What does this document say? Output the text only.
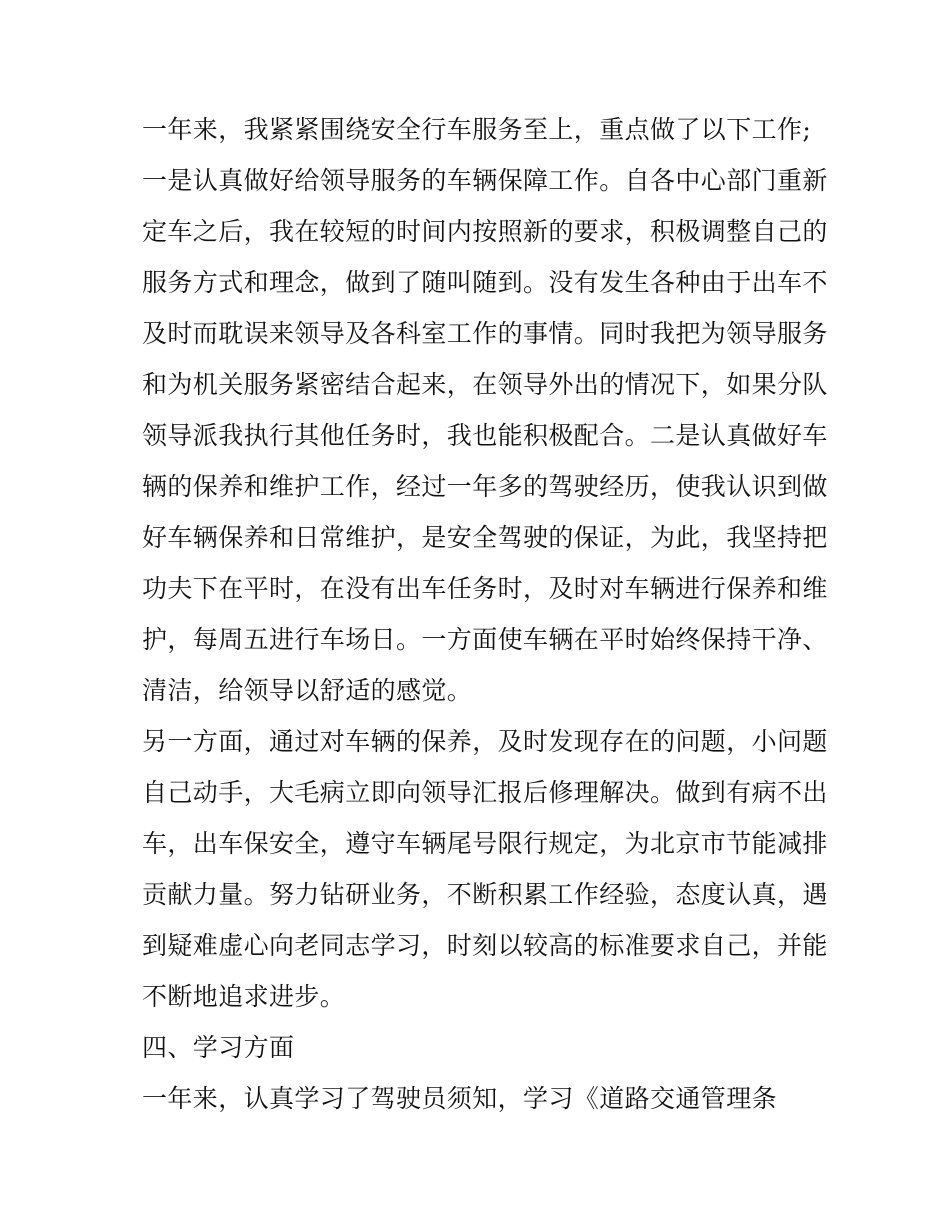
一年来，我紧紧围绕安全行车服务至上，重点做了以下工作;
一是认真做好给领导服务的车辆保障工作。自各中心部门重新
定车之后，我在较短的时间内按照新的要求，积极调整自己的
服务方式和理念，做到了随叫随到。没有发生各种由于出车不
及时而耽误来领导及各科室工作的事情。同时我把为领导服务
和为机关服务紧密结合起来，在领导外出的情况下，如果分队
领导派我执行其他任务时，我也能积极配合。二是认真做好车
辆的保养和维护工作，经过一年多的驾驶经历，使我认识到做
好车辆保养和日常维护，是安全驾驶的保证，为此，我坚持把
功夫下在平时，在没有出车任务时，及时对车辆进行保养和维
护，每周五进行车场日。一方面使车辆在平时始终保持干净、
清洁，给领导以舒适的感觉。
另一方面，通过对车辆的保养，及时发现存在的问题，小问题
自己动手，大毛病立即向领导汇报后修理解决。做到有病不出
车，出车保安全，遵守车辆尾号限行规定，为北京市节能减排
贡献力量。努力钻研业务，不断积累工作经验，态度认真，遇
到疑难虚心向老同志学习，时刻以较高的标准要求自己，并能
不断地追求进步。
四、学习方面
一年来，认真学习了驾驶员须知，学习《道路交通管理条
